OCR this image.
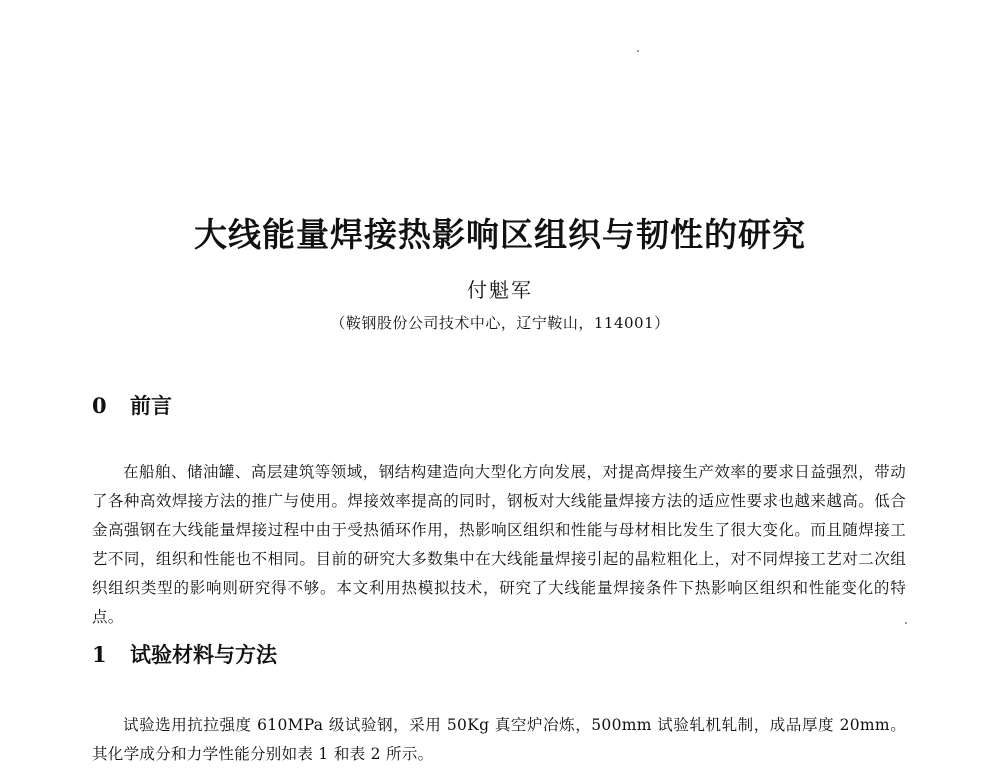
大线能量焊接热影响区组织与韧性的研究
付魁军
（鞍钢股份公司技术中心，辽宁鞍山，114001）
0 前言

在船舶、储油罐、高层建筑等领域，钢结构建造向大型化方向发展，对提高焊接生产效率的要求日益强烈，带动了各种高效焊接方法的推广与使用。焊接效率提高的同时，钢板对大线能量焊接方法的适应性要求也越来越高。低合金高强钢在大线能量焊接过程中由于受热循环作用，热影响区组织和性能与母材相比发生了很大变化。而且随焊接工艺不同，组织和性能也不相同。目前的研究大多数集中在大线能量焊接引起的晶粒粗化上，对不同焊接工艺对二次组织组织类型的影响则研究得不够。本文利用热模拟技术，研究了大线能量焊接条件下热影响区组织和性能变化的特点。

1 试验材料与方法

试验选用抗拉强度 610MPa 级试验钢，采用 50Kg 真空炉冶炼，500mm 试验轧机轧制，成品厚度 20mm。其化学成分和力学性能分别如表 1 和表 2 所示。
